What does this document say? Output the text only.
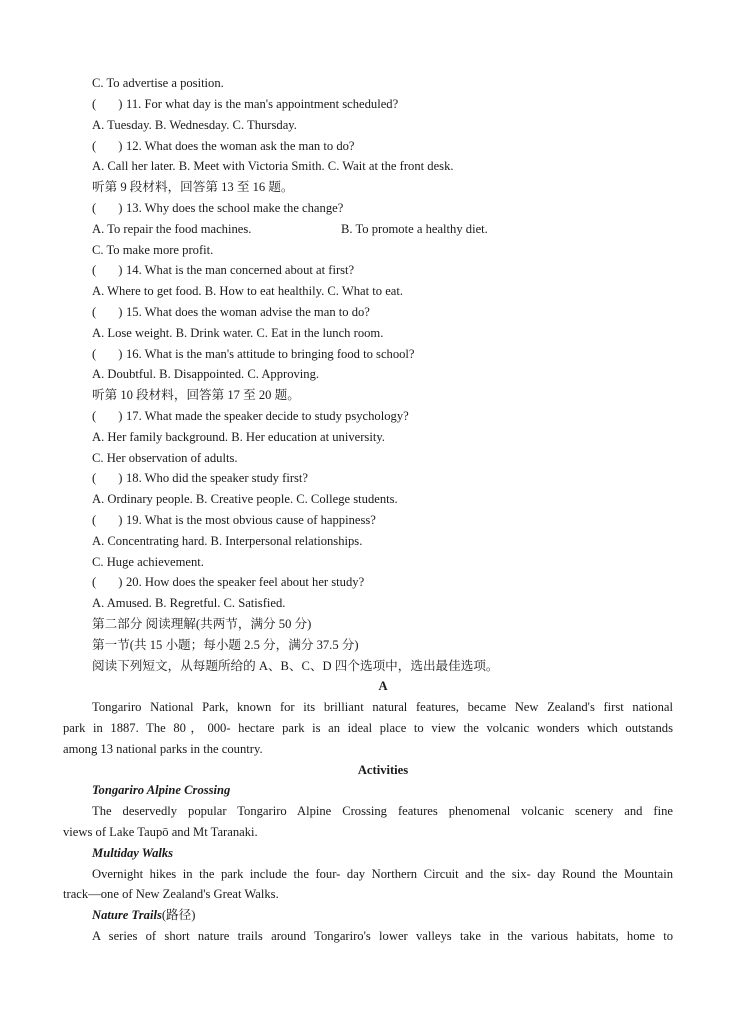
C. To advertise a position.
(       ) 11. For what day is the man's appointment scheduled?
A. Tuesday. B. Wednesday. C. Thursday.
(       ) 12. What does the woman ask the man to do?
A. Call her later. B. Meet with Victoria Smith. C. Wait at the front desk.
听第 9 段材料，回答第 13 至 16 题。
(       ) 13. Why does the school make the change?
A. To repair the food machines.	B. To promote a healthy diet.
C. To make more profit.
(       ) 14. What is the man concerned about at first?
A. Where to get food. B. How to eat healthily. C. What to eat.
(       ) 15. What does the woman advise the man to do?
A. Lose weight. B. Drink water. C. Eat in the lunch room.
(       ) 16. What is the man's attitude to bringing food to school?
A. Doubtful. B. Disappointed. C. Approving.
听第 10 段材料，回答第 17 至 20 题。
(       ) 17. What made the speaker decide to study psychology?
A. Her family background. B. Her education at university.
C. Her observation of adults.
(       ) 18. Who did the speaker study first?
A. Ordinary people. B. Creative people. C. College students.
(       ) 19. What is the most obvious cause of happiness?
A. Concentrating hard. B. Interpersonal relationships.
C. Huge achievement.
(       ) 20. How does the speaker feel about her study?
A. Amused. B. Regretful. C. Satisfied.
第二部分 阅读理解(共两节，满分 50 分)
第一节(共 15 小题；每小题 2.5 分，满分 37.5 分)
阅读下列短文，从每题所给的 A、B、C、D 四个选项中，选出最佳选项。
A
Tongariro National Park, known for its brilliant natural features, became New Zealand's first national
park in 1887. The 80，000- hectare park is an ideal place to view the volcanic wonders which outstands
among 13 national parks in the country.
Activities
Tongariro Alpine Crossing
The deservedly popular Tongariro Alpine Crossing features phenomenal volcanic scenery and fine
views of Lake Taupō and Mt Taranaki.
Multiday Walks
Overnight hikes in the park include the four- day Northern Circuit and the six- day Round the Mountain
track—one of New Zealand's Great Walks.
Nature Trails(路径)
A series of short nature trails around Tongariro's lower valleys take in the various habitats, home to
